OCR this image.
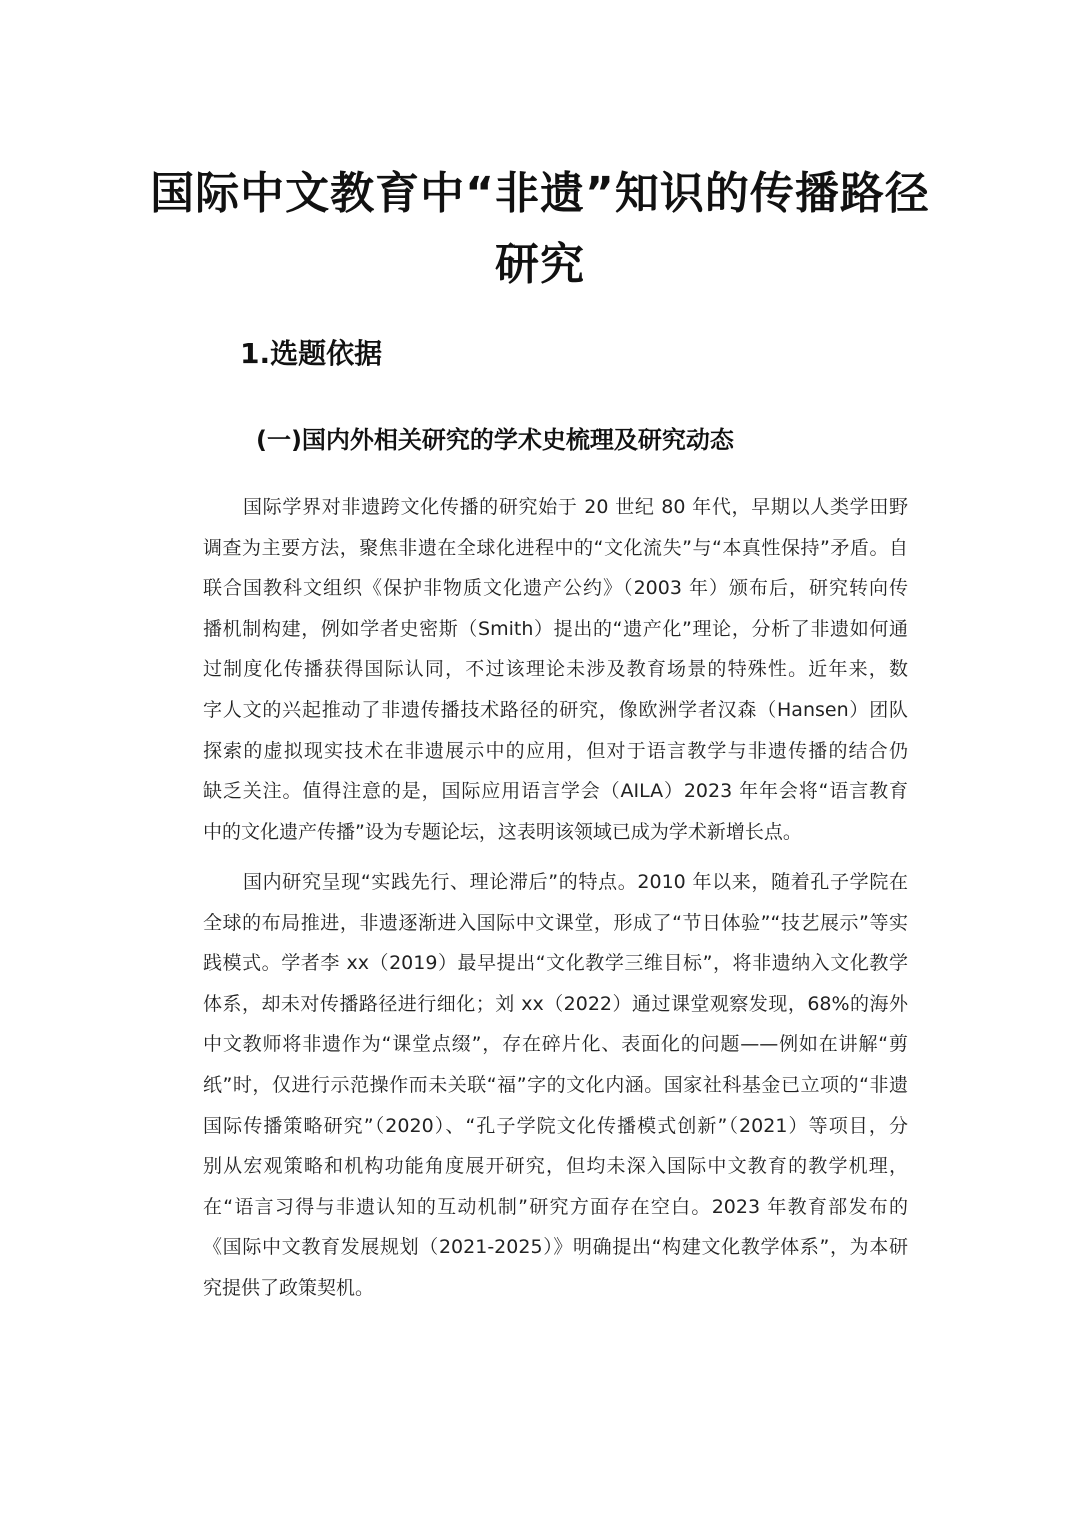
国际中文教育中“非遗”知识的传播路径
研究
1.选题依据
(一)国内外相关研究的学术史梳理及研究动态
国际学界对非遗跨文化传播的研究始于 20 世纪 80 年代，早期以人类学田野
调查为主要方法，聚焦非遗在全球化进程中的“文化流失”与“本真性保持”矛盾。自
联合国教科文组织《保护非物质文化遗产公约》（2003 年）颁布后，研究转向传
播机制构建，例如学者史密斯（Smith）提出的“遗产化”理论，分析了非遗如何通
过制度化传播获得国际认同，不过该理论未涉及教育场景的特殊性。近年来，数
字人文的兴起推动了非遗传播技术路径的研究，像欧洲学者汉森（Hansen）团队
探索的虚拟现实技术在非遗展示中的应用，但对于语言教学与非遗传播的结合仍
缺乏关注。值得注意的是，国际应用语言学会（AILA）2023 年年会将“语言教育
中的文化遗产传播”设为专题论坛，这表明该领域已成为学术新增长点。
国内研究呈现“实践先行、理论滞后”的特点。2010 年以来，随着孔子学院在
全球的布局推进，非遗逐渐进入国际中文课堂，形成了“节日体验”“技艺展示”等实
践模式。学者李 xx（2019）最早提出“文化教学三维目标”，将非遗纳入文化教学
体系，却未对传播路径进行细化；刘 xx（2022）通过课堂观察发现，68%的海外
中文教师将非遗作为“课堂点缀”，存在碎片化、表面化的问题——例如在讲解“剪
纸”时，仅进行示范操作而未关联“福”字的文化内涵。国家社科基金已立项的“非遗
国际传播策略研究”（2020）、“孔子学院文化传播模式创新”（2021）等项目，分
别从宏观策略和机构功能角度展开研究，但均未深入国际中文教育的教学机理，
在“语言习得与非遗认知的互动机制”研究方面存在空白。2023 年教育部发布的
《国际中文教育发展规划（2021-2025）》明确提出“构建文化教学体系”，为本研
究提供了政策契机。
